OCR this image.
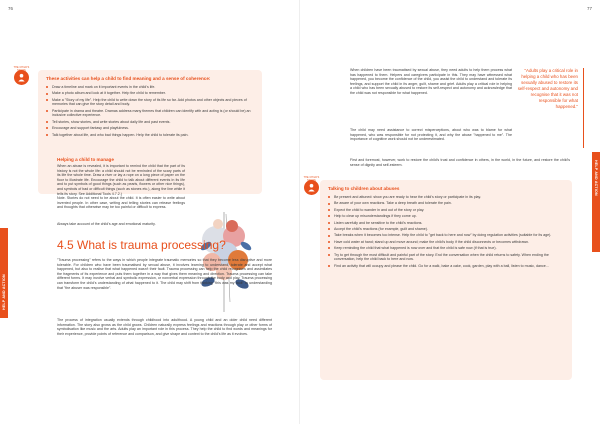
76
HELP AND ACTION
THE CHILD'S NEEDS
These activities can help a child to find meaning and a sense of coherence:
Draw a timeline and mark on it important events in the child's life.
Make a photo album and look at it together. Help the child to remember.
Make a "Story of my life". Help the child to write down the story of its life so far. Add photos and other objects and pieces of memories that can give the story detail and body.
Participate in drama and theatre. Dramas address many themes that children can identify with and acting is (or should be) an inclusive collective experience.
Tell stories, show stories, and write stories about daily life and past events.
Encourage and support fantasy and playfulness.
Talk together about life, and who bad things happen. Help the child to tolerate its pain.
Helping a child to manage
When an abuse is revealed, it is important to remind the child that the part of its history is not the whole life: a child should not be reminded of the scary parts of its life the whole time. Draw a river or lay a rope on a long piece of paper on the floor to illustrate life. Encourage the child to talk about different events in its life and to put symbols of good things (such as pearls, flowers or other nice things), and symbols of bad or difficult things (such as stones etc.), along the line while it tells its story. See Additional Tools 4.7.2.)
Note. Stories do not need to be about the child. It is often easier to write about invented people. In other case, writing and telling stories can release feelings and thoughts that otherwise may be too painful or difficult to express.
Always take account of the child's age and emotional maturity.
4.5 What is trauma processing?
"Trauma processing" refers to the ways in which people integrate traumatic memories so that they become less disruptive and more tolerable. For children who have been traumatised by sexual abuse, it involves learning to understand, tolerate and accept what happened, but also to realise that what happened wasn't their fault. Trauma processing can help the child recognises and assimilates the fragments of its experience and puts them together in a way that gives them meaning and direction. Trauma processing can take different forms. It may involve verbal and symbolic expression, or nonverbal expression through the body and play. Trauma processing can transform the child's understanding of what happened to it. The child may shift from thinking "this was my fault" to understanding that "the abuser was responsible".
The process of integration usually extends through childhood into adulthood. A young child and an older child need different information. The story also grows as the child grows. Children naturally express feelings and reactions through play or other forms of symbolisation like music and the arts. Adults play an important role in this process. They help the child to find words and meanings for their experience, provide points of reference and comparison, and give shape and context to the child's life as it evolves.
77
HELP AND ACTION
When children have been traumatised by sexual abuse, they need adults to help them process what has happened to them. Helpers and caregivers participate in this. They may have witnessed what happened, you become the confidence of the child, you assist the child to understand and tolerate its feelings, and support the child in its anger, guilt, shame and grief. Adults play a critical role in helping a child who has been sexually abused to restore its self-respect and autonomy and acknowledge that the child was not responsible for what happened.
The child may need assistance to correct misperceptions, about who was to blame for what happened, who was responsible for not protecting it, and why the abuse "happened to me". The importance of cognitive work should not be underestimated.
First and foremost, however, work to restore the child's trust and confidence in others, in the world, in the future, and restore the child's sense of dignity and self-esteem.
"Adults play a critical role in helping a child who has been sexually abused to restore its self-respect and autonomy and recognise that it was not responsible for what happened."
THE CHILD'S NEEDS
Talking to children about abuses
Be present and attuned: show you are ready to hear the child's story or participate in its play.
Be aware of your own reactions. Take a deep breath and tolerate the pain.
Expect the child to wander in and out of the story or play.
Help to clear up misunderstandings if they come up.
Listen carefully and be sensitive to the child's reactions.
Accept the child's reactions (for example, guilt and shame).
Take breaks when it becomes too intense. Help the child to "get back to here and now" by doing regulation activities (suitable for its age).
Have cold water at hand; stand up and move around; make the child's body if the child disconnects or becomes withdrawn.
Keep reminding the child that what happened is now over and that the child is safe now (if that is true).
Try to get through the most difficult and painful part of the story. End the conversation when the child returns to safety. When ending the conversation, help the child back to here and now.
Find an activity that will occupy and please the child. Go for a walk, bake a cake, cook, garden, play with a ball, listen to music, dance...
